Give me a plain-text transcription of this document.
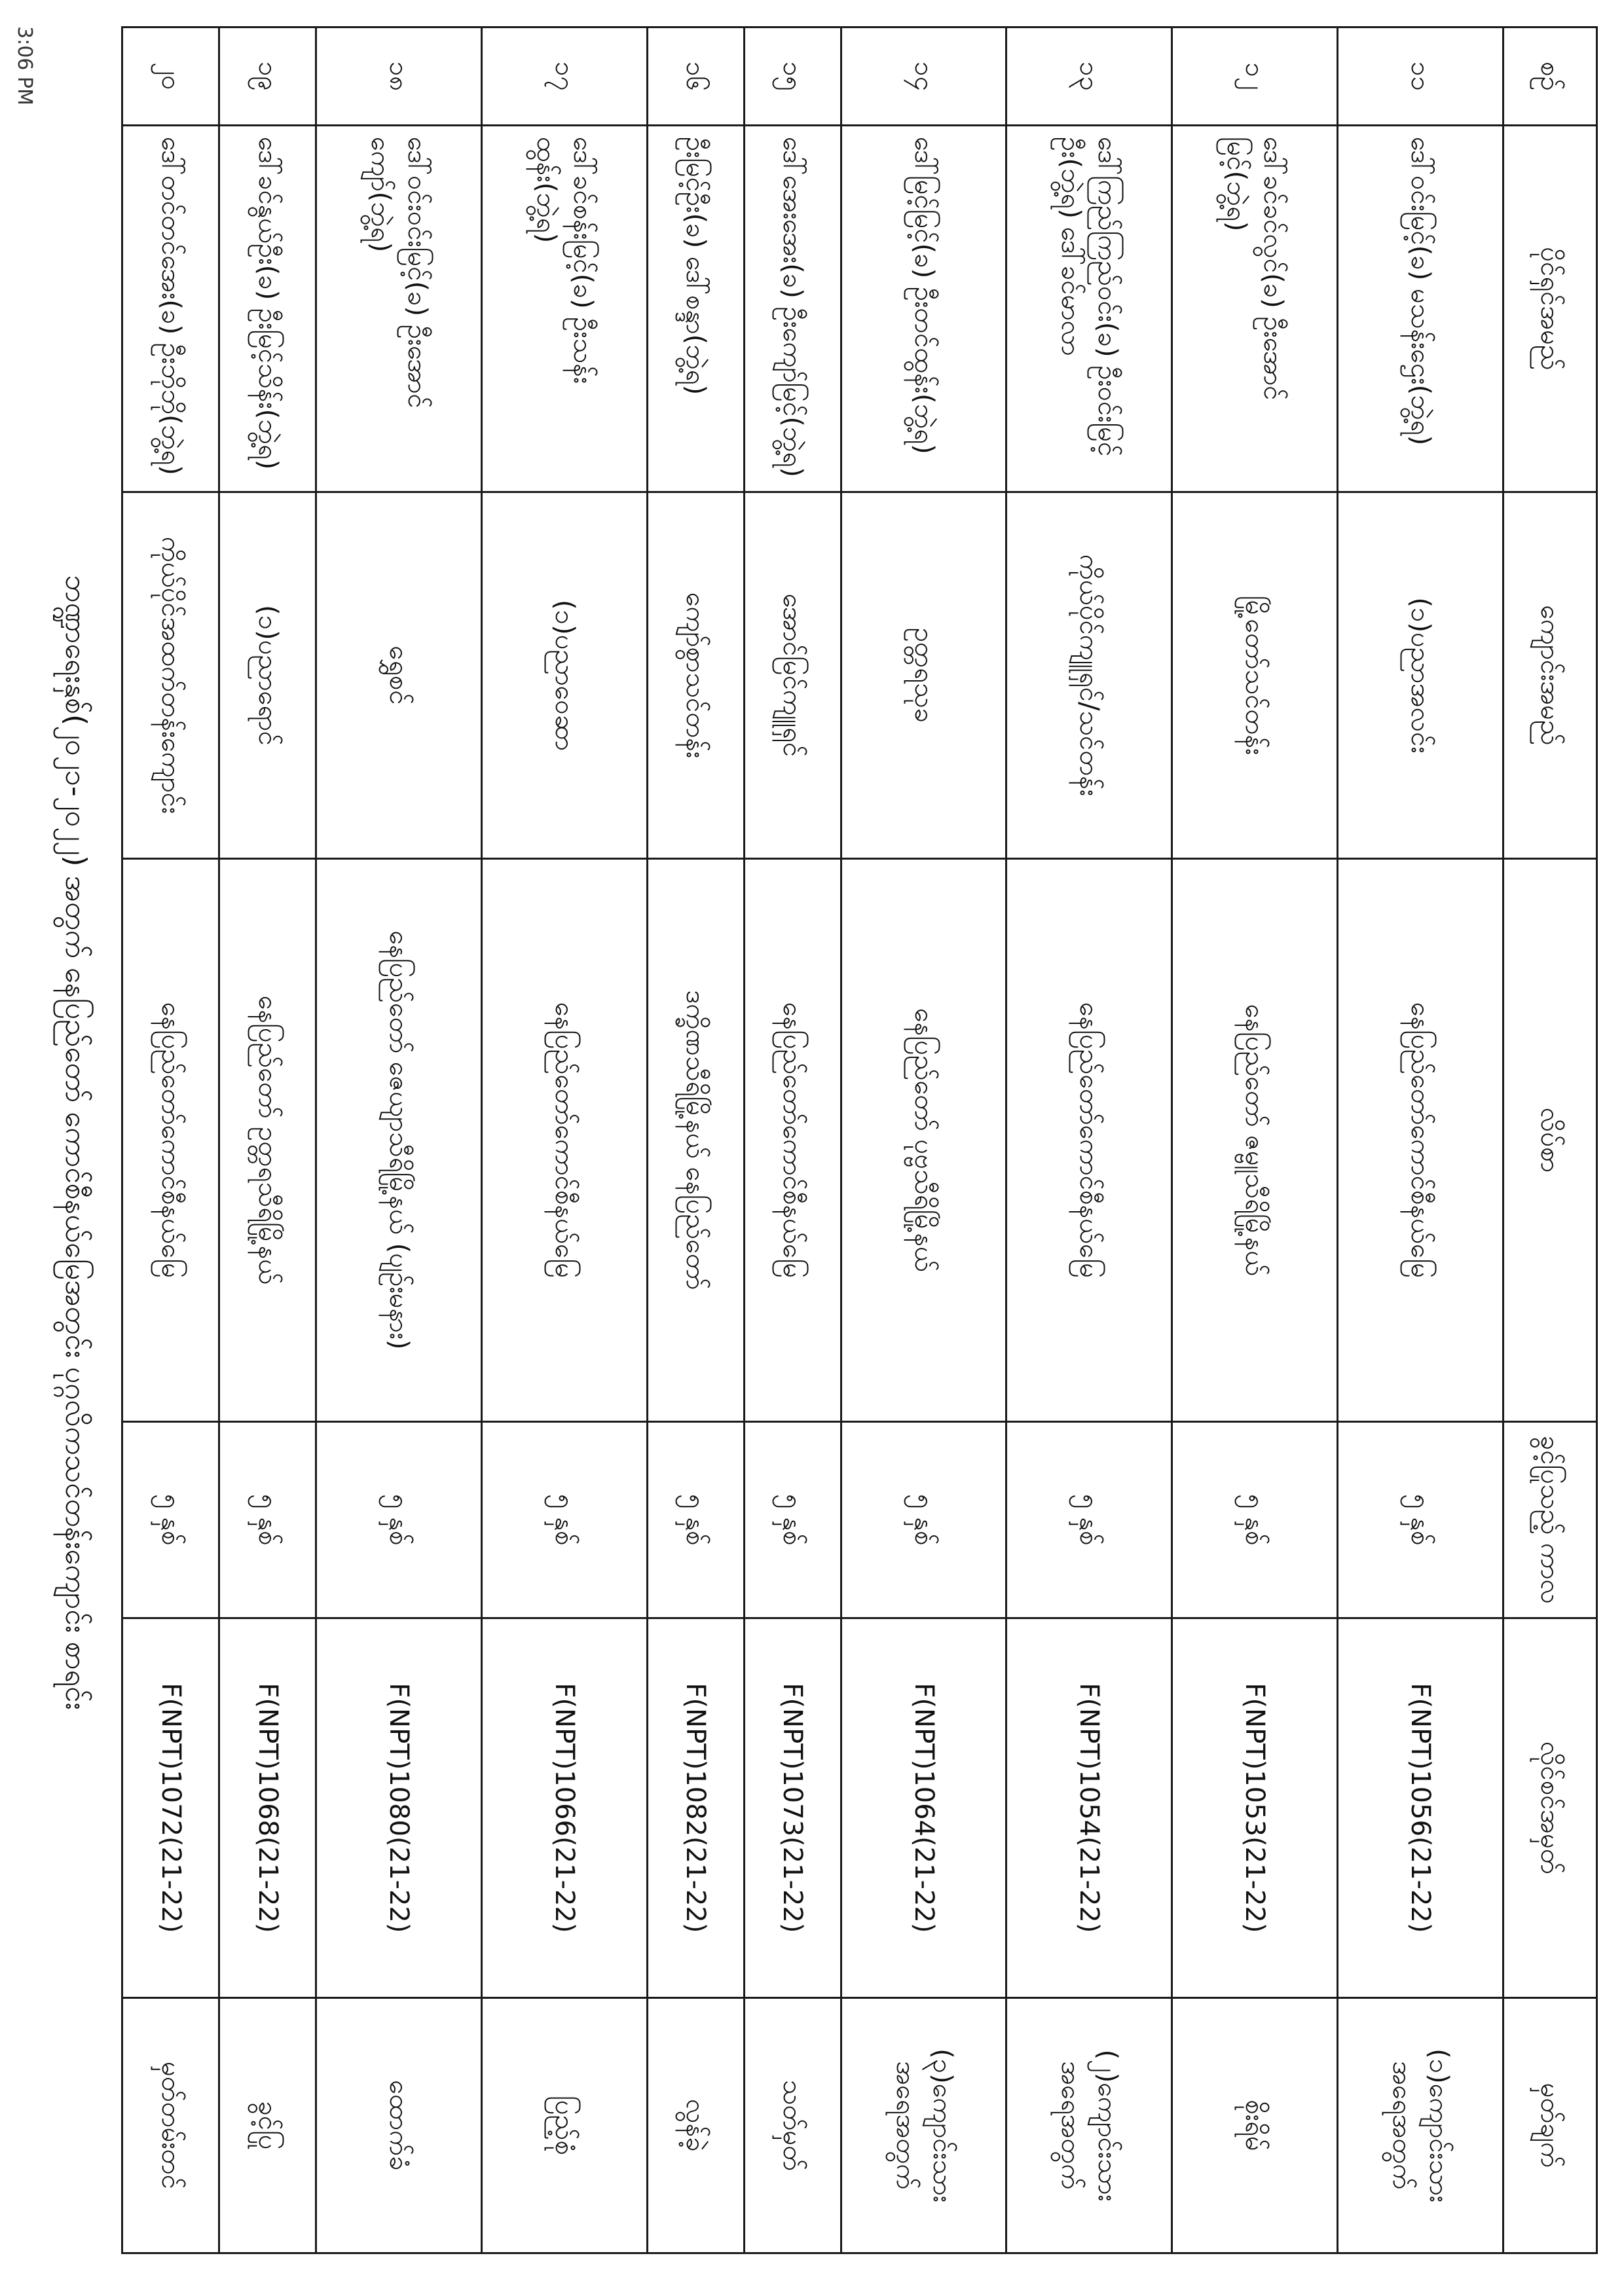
စဉ်	ပိုင်ရှင်အမည်	ကျောင်းအမည်	လိပ်စာ	ခွင့်ပြုသည့် ကာလ	လိုင်စင်အမှတ်	မှတ်ချက်
၁၁	ဒေါ်ဝင်းမြင့်(ခ) မသန်းဌေး(ဘွဲ့ရ)	(၁)ပညာအလင်း	နေပြည်တော်ကောင်စီနယ်မြေ	၅ နှစ်	F(NPT)1056(21-22)	(၁)ကျောင်းသားအရေအတွက်
၁၂	ဒေါ်ခင်ခင်လွင်(ခ) ဦးအောင်မြင့်(ဘွဲ့ရ)	မြို့တော်သင်တန်း	နေပြည်တော် ဇမ္ဗူသီရိမြို့နယ်	၅ နှစ်	F(NPT)1053(21-22)	စိုးရိမ်
၁၃	ဒေါ်ကြည်ကြည်ဝင်း(ခ) ဦးဝင်းမြင့်ဦး(ဘွဲ့ရ) ဒေါ်ခင်မာလာ	ကိုယ်ပိုင်ကျူရှင်/သင်တန်း	နေပြည်တော်ကောင်စီနယ်မြေ	၅ နှစ်	F(NPT)1054(21-22)	(၂)ကျောင်းသားအရေအတွက်
၁၄	ဒေါ်မြင့်မြင့်(ခ) ဦးတင်ထွန်း(ဘွဲ့ရ)	ဥတ္တရသုခ	နေပြည်တော် ပုဗ္ဗသီရိမြို့နယ်	၅ နှစ်	F(NPT)1064(21-22)	(၃)ကျောင်းသားအရေအတွက်
၁၅	ဒေါ်အေးအေး(ခ) ဦးကျော်မြင့်(ဘွဲ့ရ)	အောင်မြင်ကျူရှင်	နေပြည်တော်ကောင်စီနယ်မြေ	၅ နှစ်	F(NPT)1073(21-22)	သတ်မှတ်
၁၆	ဦးမြင့်ဦး(ခ) ဒေါ်စန္ဒာ(ဘွဲ့ရ)	ကျော်စွာသင်တန်း	ဒက္ခိဏသီရိမြို့နယ် နေပြည်တော်	၅ နှစ်	F(NPT)1082(21-22)	လွန်ခဲ့
၁၇	ဒေါ်ခင်စန်းမြင့်(ခ) ဦးသန်းထွန်း(ဘွဲ့ရ)	(၁)ပညာဝေဆာ	နေပြည်တော်ကောင်စီနယ်မြေ	၅ နှစ်	F(NPT)1066(21-22)	ပြည့်စုံ
၁၈	ဒေါ်ဝင်းဝင်းမြင့်(ခ) ဦးအောင်ကျော်(ဘွဲ့ရ)	ရွှေစင်	နေပြည်တော် ဇေယျာသီရိမြို့နယ် (ပျဉ်းမနား)	၅ နှစ်	F(NPT)1080(21-22)	ထောက်ခံ
၁၉	ဒေါ်ခင်နွယ်ဦး(ခ) ဦးမြင့်သိန်း(ဘွဲ့ရ)	(၁)ပညာရောင်	နေပြည်တော် ဥတ္တရသီရိမြို့နယ်	၅ နှစ်	F(NPT)1068(21-22)	ခွင့်ပြု
၂၀	ဒေါ်တင်တင်အေး(ခ) ဦးဘိုဘို(ဘွဲ့ရ)	ကိုယ်ပိုင်အထက်တန်းကျောင်း	နေပြည်တော်ကောင်စီနယ်မြေ	၅ နှစ်	F(NPT)1072(21-22)	မှတ်တမ်းတင်
ဘဏ္ဍာရေးနှစ်(၂၀၂၁-၂၀၂၂) အတွက် နေပြည်တော် ကောင်စီနယ်မြေအတွင်း ပုဂ္ဂလိကသင်တန်းကျောင်း စာရင်း
3:06 PM
